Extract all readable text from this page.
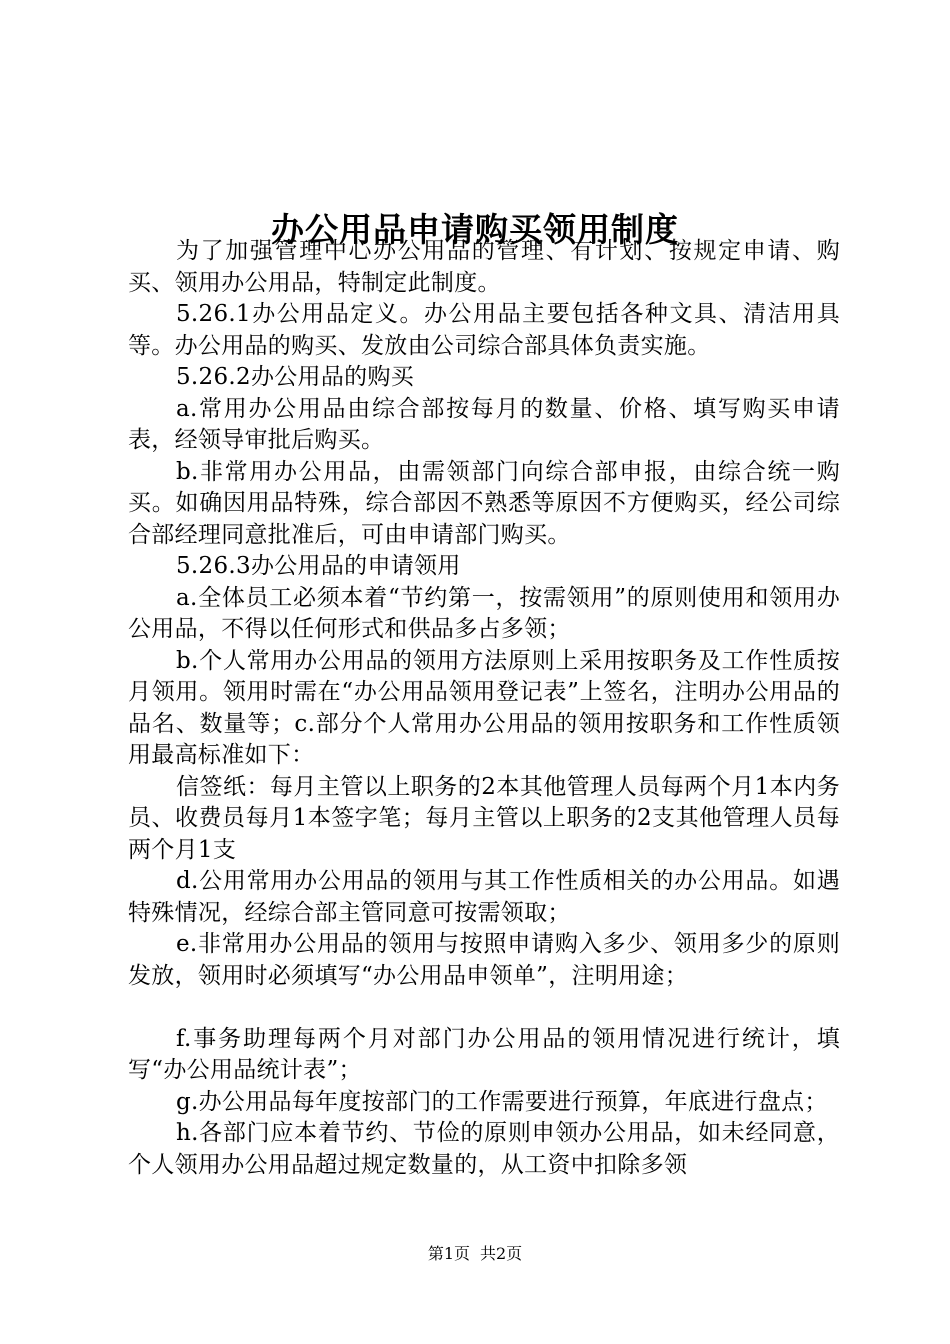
办公用品申请购买领用制度

为了加强管理中心办公用品的管理、有计划、按规定申请、购买、领用办公用品，特制定此制度。

5.26.1办公用品定义。办公用品主要包括各种文具、清洁用具等。办公用品的购买、发放由公司综合部具体负责实施。

5.26.2办公用品的购买

a.常用办公用品由综合部按每月的数量、价格、填写购买申请表，经领导审批后购买。

b.非常用办公用品，由需领部门向综合部申报，由综合统一购买。如确因用品特殊，综合部因不熟悉等原因不方便购买，经公司综合部经理同意批准后，可由申请部门购买。

5.26.3办公用品的申请领用

a.全体员工必须本着“节约第一，按需领用”的原则使用和领用办公用品，不得以任何形式和供品多占多领；

b.个人常用办公用品的领用方法原则上采用按职务及工作性质按月领用。领用时需在“办公用品领用登记表”上签名，注明办公用品的品名、数量等；c.部分个人常用办公用品的领用按职务和工作性质领用最高标准如下：

信签纸：每月主管以上职务的2本其他管理人员每两个月1本内务员、收费员每月1本签字笔；每月主管以上职务的2支其他管理人员每两个月1支

d.公用常用办公用品的领用与其工作性质相关的办公用品。如遇特殊情况，经综合部主管同意可按需领取；

e.非常用办公用品的领用与按照申请购入多少、领用多少的原则发放，领用时必须填写“办公用品申领单”，注明用途；

f.事务助理每两个月对部门办公用品的领用情况进行统计，填写“办公用品统计表”；

g.办公用品每年度按部门的工作需要进行预算，年底进行盘点；

h.各部门应本着节约、节俭的原则申领办公用品，如未经同意，个人领用办公用品超过规定数量的，从工资中扣除多领

第1页 共2页
